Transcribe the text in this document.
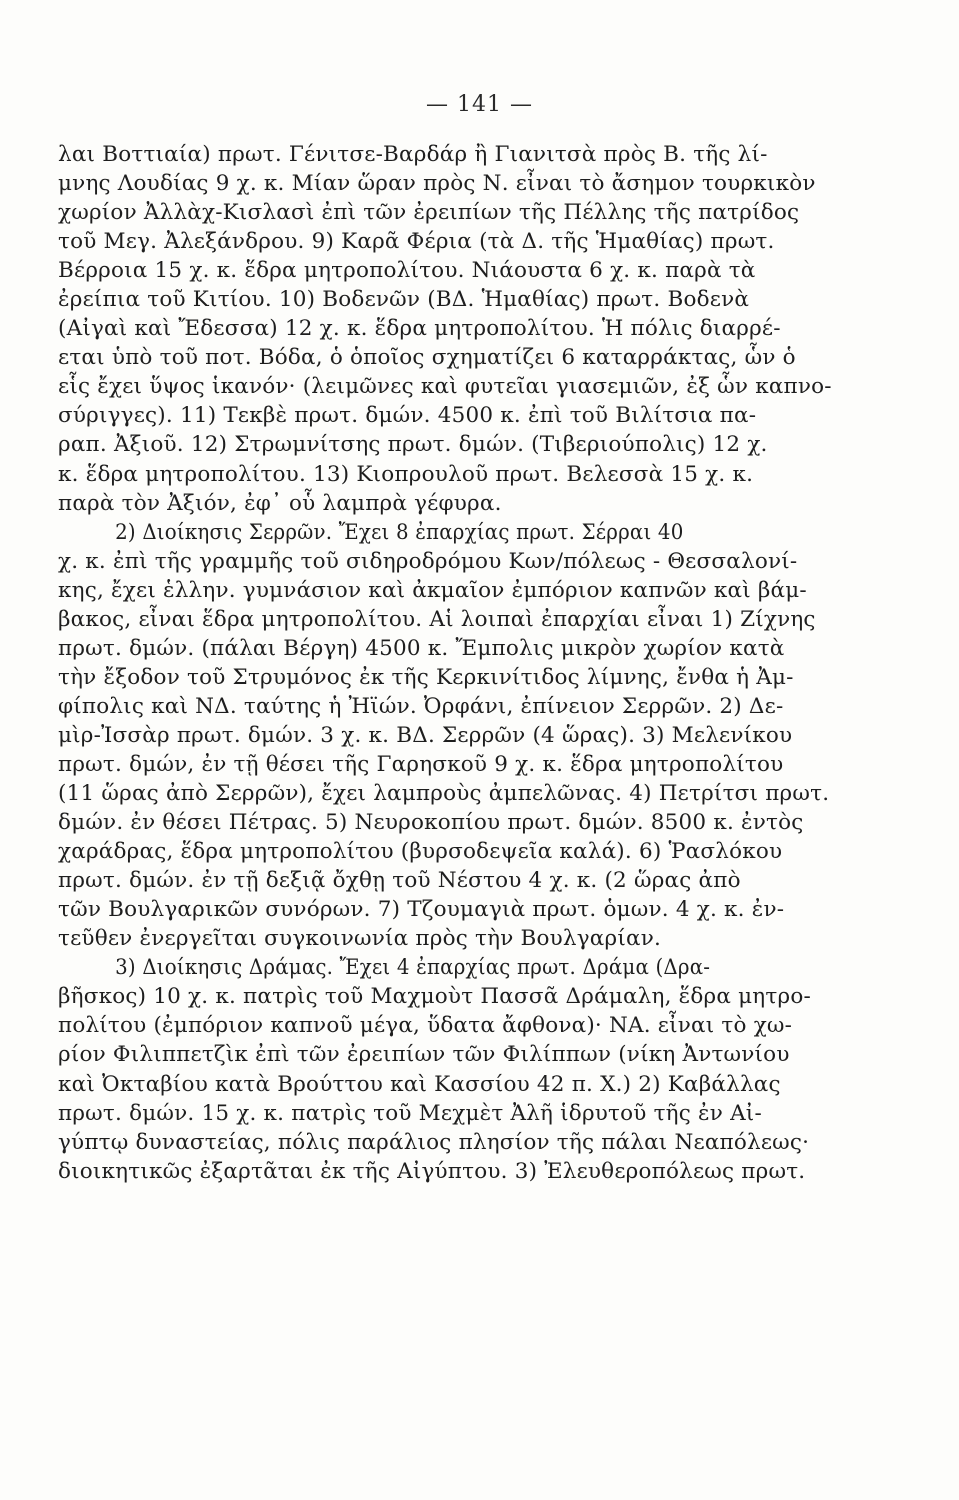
— 141 —
λαι Βοττιαία) πρωτ. Γένιτσε-Βαρδάρ ἢ Γιανιτσὰ πρὸς Β. τῆς λί-
μνης Λουδίας 9 χ. κ. Μίαν ὥραν πρὸς Ν. εἶναι τὸ ἄσημον τουρκικὸν
χωρίον Ἀλλὰχ-Κισλασὶ ἐπὶ τῶν ἐρειπίων τῆς Πέλλης τῆς πατρίδος
τοῦ Μεγ. Ἀλεξάνδρου. 9) Καρᾶ Φέρια (τὰ Δ. τῆς Ἡμαθίας) πρωτ.
Βέρροια 15 χ. κ. ἕδρα μητροπολίτου. Νιάουστα 6 χ. κ. παρὰ τὰ
ἐρείπια τοῦ Κιτίου. 10) Βοδενῶν (ΒΔ. Ἡμαθίας) πρωτ. Βοδενὰ
(Αἰγαὶ καὶ Ἔδεσσα) 12 χ. κ. ἕδρα μητροπολίτου. Ἡ πόλις διαρρέ-
εται ὑπὸ τοῦ ποτ. Βόδα, ὁ ὁποῖος σχηματίζει 6 καταρράκτας, ὧν ὁ
εἷς ἔχει ὕψος ἱκανόν· (λειμῶνες καὶ φυτεῖαι γιασεμιῶν, ἐξ ὧν καπνο-
σύριγγες). 11) Τεκβὲ πρωτ. δμών. 4500 κ. ἐπὶ τοῦ Βιλίτσια πα-
ραπ. Ἀξιοῦ. 12) Στρωμνίτσης πρωτ. δμών. (Τιβεριούπολις) 12 χ.
κ. ἕδρα μητροπολίτου. 13) Κιοπρουλοῦ πρωτ. Βελεσσὰ 15 χ. κ.
παρὰ τὸν Ἀξιόν, ἐφ᾽ οὗ λαμπρὰ γέφυρα.
2) Διοίκησις Σερρῶν. Ἔχει 8 ἐπαρχίας πρωτ. Σέρραι 40
χ. κ. ἐπὶ τῆς γραμμῆς τοῦ σιδηροδρόμου Κων/πόλεως - Θεσσαλονί-
κης, ἔχει ἑλλην. γυμνάσιον καὶ ἀκμαῖον ἐμπόριον καπνῶν καὶ βάμ-
βακος, εἶναι ἕδρα μητροπολίτου. Αἱ λοιπαὶ ἐπαρχίαι εἶναι 1) Ζίχνης
πρωτ. δμών. (πάλαι Βέργη) 4500 κ. Ἔμπολις μικρὸν χωρίον κατὰ
τὴν ἔξοδον τοῦ Στρυμόνος ἐκ τῆς Κερκινίτιδος λίμνης, ἔνθα ἡ Ἀμ-
φίπολις καὶ ΝΔ. ταύτης ἡ Ἠϊών. Ὀρφάνι, ἐπίνειον Σερρῶν. 2) Δε-
μὶρ-Ἰσσὰρ πρωτ. δμών. 3 χ. κ. ΒΔ. Σερρῶν (4 ὥρας). 3) Μελενίκου
πρωτ. δμών, ἐν τῇ θέσει τῆς Γαρησκοῦ 9 χ. κ. ἕδρα μητροπολίτου
(11 ὥρας ἀπὸ Σερρῶν), ἔχει λαμπροὺς ἀμπελῶνας. 4) Πετρίτσι πρωτ.
δμών. ἐν θέσει Πέτρας. 5) Νευροκοπίου πρωτ. δμών. 8500 κ. ἐντὸς
χαράδρας, ἕδρα μητροπολίτου (βυρσοδεψεῖα καλά). 6) Ῥασλόκου
πρωτ. δμών. ἐν τῇ δεξιᾷ ὄχθῃ τοῦ Νέστου 4 χ. κ. (2 ὥρας ἀπὸ
τῶν Βουλγαρικῶν συνόρων. 7) Τζουμαγιὰ πρωτ. ὁμων. 4 χ. κ. ἐν-
τεῦθεν ἐνεργεῖται συγκοινωνία πρὸς τὴν Βουλγαρίαν.
3) Διοίκησις Δράμας. Ἔχει 4 ἐπαρχίας πρωτ. Δράμα (Δρα-
βῆσκος) 10 χ. κ. πατρὶς τοῦ Μαχμοὺτ Πασσᾶ Δράμαλη, ἕδρα μητρο-
πολίτου (ἐμπόριον καπνοῦ μέγα, ὕδατα ἄφθονα)· ΝΑ. εἶναι τὸ χω-
ρίον Φιλιππετζὶκ ἐπὶ τῶν ἐρειπίων τῶν Φιλίππων (νίκη Ἀντωνίου
καὶ Ὀκταβίου κατὰ Βρούττου καὶ Κασσίου 42 π. Χ.) 2) Καβάλλας
πρωτ. δμών. 15 χ. κ. πατρὶς τοῦ Μεχμὲτ Ἀλῆ ἱδρυτοῦ τῆς ἐν Αἰ-
γύπτῳ δυναστείας, πόλις παράλιος πλησίον τῆς πάλαι Νεαπόλεως·
διοικητικῶς ἐξαρτᾶται ἐκ τῆς Αἰγύπτου. 3) Ἐλευθεροπόλεως πρωτ.
